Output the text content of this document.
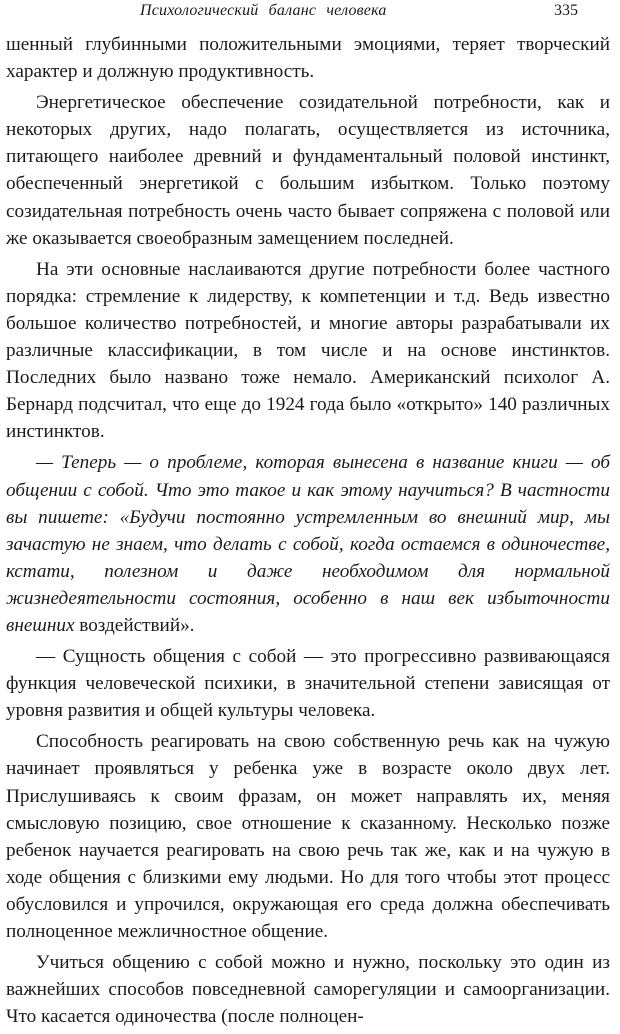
Психологический баланс человека	335

шенный глубинными положительными эмоциями, теряет творческий характер и должную продуктивность.

Энергетическое обеспечение созидательной потребности, как и некоторых других, надо полагать, осуществляется из источника, питающего наиболее древний и фундаментальный половой инстинкт, обеспеченный энергетикой с большим избытком. Только поэтому созидательная потребность очень часто бывает сопряжена с половой или же оказывается своеобразным замещением последней.

На эти основные наслаиваются другие потребности более частного порядка: стремление к лидерству, к компетенции и т.д. Ведь известно большое количество потребностей, и многие авторы разрабатывали их различные классификации, в том числе и на основе инстинктов. Последних было названо тоже немало. Американский психолог А. Бернард подсчитал, что еще до 1924 года было «открыто» 140 различных инстинктов.

— Теперь — о проблеме, которая вынесена в название книги — об общении с собой. Что это такое и как этому научиться? В частности вы пишете: «Будучи постоянно устремленным во внешний мир, мы зачастую не знаем, что делать с собой, когда остаемся в одиночестве, кстати, полезном и даже необходимом для нормальной жизнедеятельности состояния, особенно в наш век избыточности внешних воздействий».

— Сущность общения с собой — это прогрессивно развивающаяся функция человеческой психики, в значительной степени зависящая от уровня развития и общей культуры человека.

Способность реагировать на свою собственную речь как на чужую начинает проявляться у ребенка уже в возрасте около двух лет. Прислушиваясь к своим фразам, он может направлять их, меняя смысловую позицию, свое отношение к сказанному. Несколько позже ребенок научается реагировать на свою речь так же, как и на чужую в ходе общения с близкими ему людьми. Но для того чтобы этот процесс обусловился и упрочился, окружающая его среда должна обеспечивать полноценное межличностное общение.

Учиться общению с собой можно и нужно, поскольку это один из важнейших способов повседневной саморегуляции и самоорганизации. Что касается одиночества (после полноцен-
